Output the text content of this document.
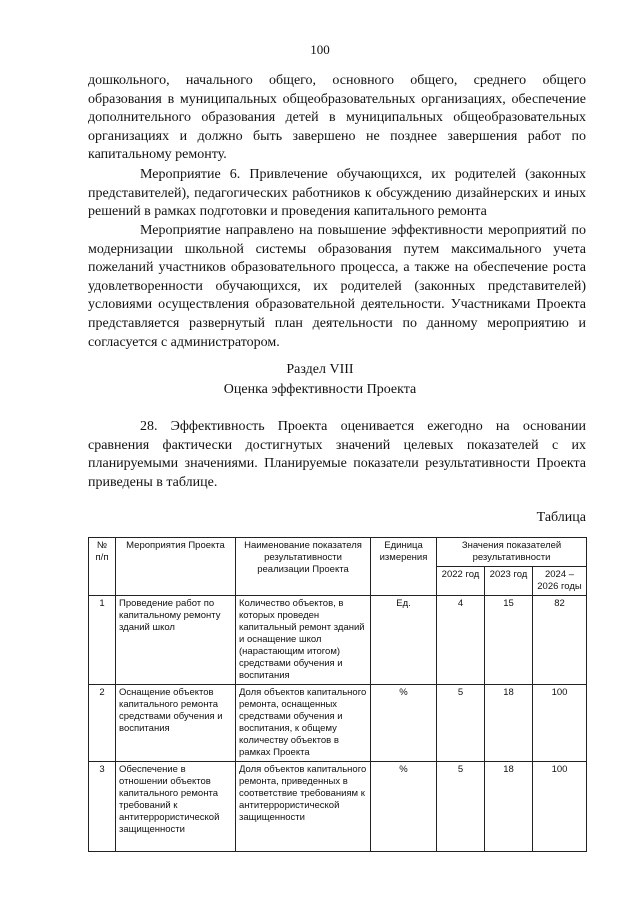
100

дошкольного, начального общего, основного общего, среднего общего образования в муниципальных общеобразовательных организациях, обеспечение дополнительного образования детей в муниципальных общеобразовательных организациях и должно быть завершено не позднее завершения работ по капитальному ремонту.

Мероприятие 6. Привлечение обучающихся, их родителей (законных представителей), педагогических работников к обсуждению дизайнерских и иных решений в рамках подготовки и проведения капитального ремонта

Мероприятие направлено на повышение эффективности мероприятий по модернизации школьной системы образования путем максимального учета пожеланий участников образовательного процесса, а также на обеспечение роста удовлетворенности обучающихся, их родителей (законных представителей) условиями осуществления образовательной деятельности. Участниками Проекта представляется развернутый план деятельности по данному мероприятию и согласуется с администратором.

Раздел VIII
Оценка эффективности Проекта

28. Эффективность Проекта оценивается ежегодно на основании сравнения фактически достигнутых значений целевых показателей с их планируемыми значениями. Планируемые показатели результативности Проекта приведены в таблице.

Таблица
№ п/п	Мероприятия Проекта	Наименование показателя результативности реализации Проекта	Единица измерения	Значения показателей результативности		
				2022 год	2023 год	2024 – 2026 годы
1	Проведение работ по капитальному ремонту зданий школ	Количество объектов, в которых проведен капитальный ремонт зданий и оснащение школ (нарастающим итогом) средствами обучения и воспитания	Ед.	4	15	82
2	Оснащение объектов капитального ремонта средствами обучения и воспитания	Доля объектов капитального ремонта, оснащенных средствами обучения и воспитания, к общему количеству объектов в рамках Проекта	%	5	18	100
3	Обеспечение в отношении объектов капитального ремонта требований к антитеррористической защищенности	Доля объектов капитального ремонта, приведенных в соответствие требованиям к антитеррористической защищенности	%	5	18	100
